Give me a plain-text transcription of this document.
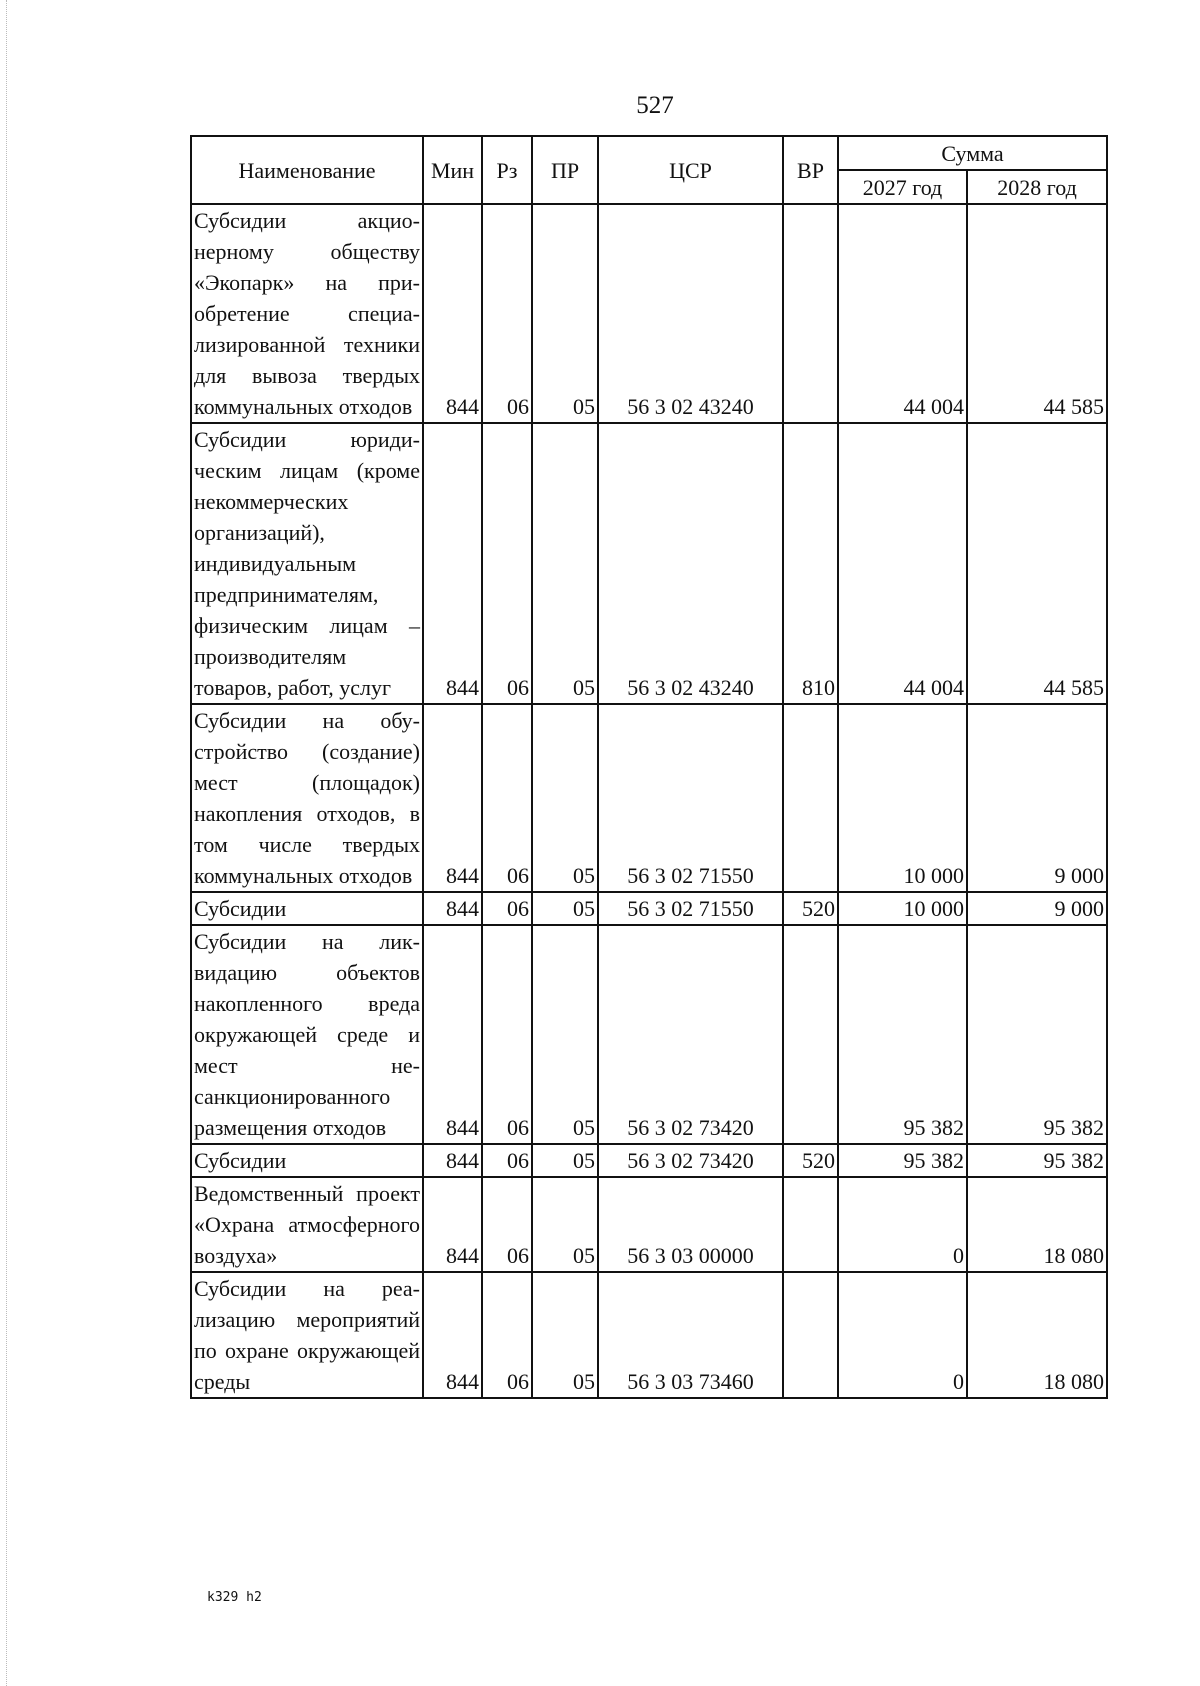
527
Наименование	Мин	Рз	ПР	ЦСР	ВР	Сумма	
						2027 год	2028 год
Субсидии акционерному обществу «Экопарк» на приобретение специализированной техники для вывоза твердых коммунальных отходов	844	06	05	56 3 02 43240		44 004	44 585
Субсидии юридическим лицам (кроме некоммерческих организаций), индивидуальным предпринимателям, физическим лицам – производителям товаров, работ, услуг	844	06	05	56 3 02 43240	810	44 004	44 585
Субсидии на обустройство (создание) мест (площадок) накопления отходов, в том числе твердых коммунальных отходов	844	06	05	56 3 02 71550		10 000	9 000
Субсидии	844	06	05	56 3 02 71550	520	10 000	9 000
Субсидии на ликвидацию объектов накопленного вреда окружающей среде и мест несанкционированного размещения отходов	844	06	05	56 3 02 73420		95 382	95 382
Субсидии	844	06	05	56 3 02 73420	520	95 382	95 382
Ведомственный проект «Охрана атмосферного воздуха»	844	06	05	56 3 03 00000		0	18 080
Субсидии на реализацию мероприятий по охране окружающей среды	844	06	05	56 3 03 73460		0	18 080
k329 h2
